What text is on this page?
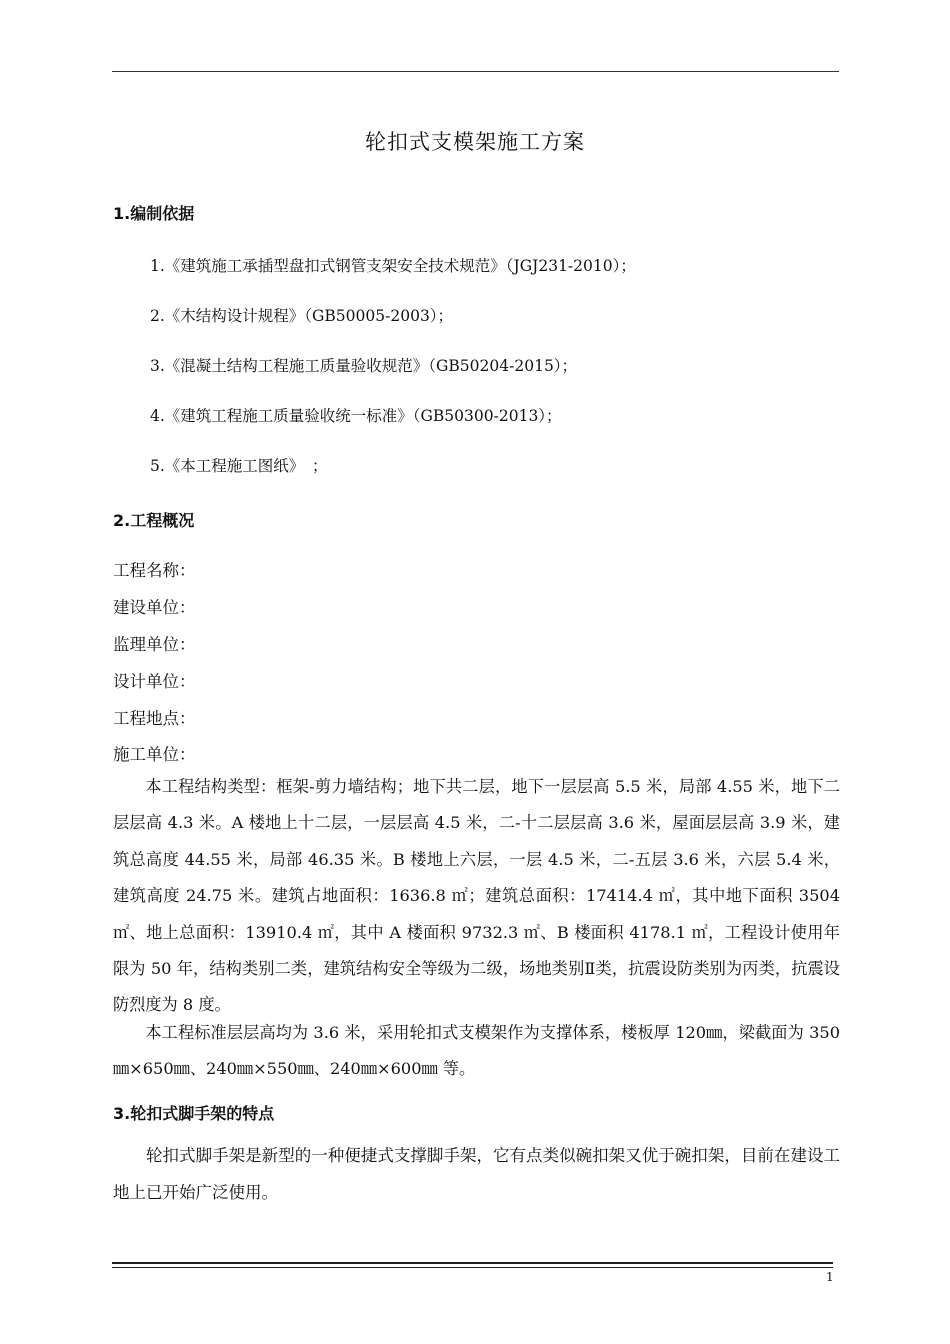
轮扣式支模架施工方案
1.编制依据
1.《建筑施工承插型盘扣式钢管支架安全技术规范》（JGJ231-2010）；
2.《木结构设计规程》（GB50005-2003）；
3.《混凝土结构工程施工质量验收规范》（GB50204-2015）；
4.《建筑工程施工质量验收统一标准》（GB50300-2013）；
5.《本工程施工图纸》　；
2.工程概况
工程名称：
建设单位：
监理单位：
设计单位：
工程地点：
施工单位：
本工程结构类型：框架-剪力墙结构；地下共二层，地下一层层高 5.5 米，局部 4.55 米，地下二层层高 4.3 米。A 楼地上十二层，一层层高 4.5 米，二-十二层层高 3.6 米，屋面层层高 3.9 米，建筑总高度 44.55 米，局部 46.35 米。B 楼地上六层，一层 4.5 米，二-五层 3.6 米，六层 5.4 米，建筑高度 24.75 米。建筑占地面积：1636.8 ㎡；建筑总面积：17414.4 ㎡，其中地下面积 3504 ㎡、地上总面积：13910.4 ㎡，其中 A 楼面积 9732.3 ㎡、B 楼面积 4178.1 ㎡，工程设计使用年限为 50 年，结构类别二类，建筑结构安全等级为二级，场地类别Ⅱ类，抗震设防类别为丙类，抗震设防烈度为 8 度。
本工程标准层层高均为 3.6 米，采用轮扣式支模架作为支撑体系，楼板厚 120㎜，梁截面为 350㎜×650㎜、240㎜×550㎜、240㎜×600㎜ 等。
3.轮扣式脚手架的特点
轮扣式脚手架是新型的一种便捷式支撑脚手架，它有点类似碗扣架又优于碗扣架，目前在建设工地上已开始广泛使用。
1
